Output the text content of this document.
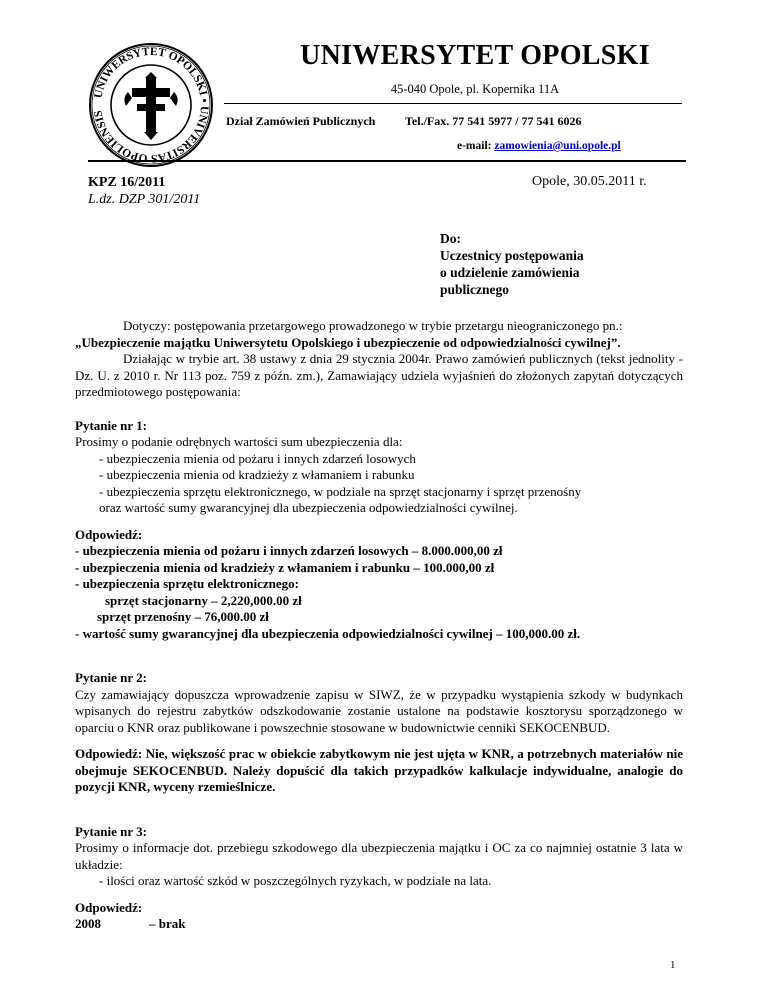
UNIWERSYTET OPOLSKI • UNIVERSITAS OPOLIENSIS
UNIWERSYTET OPOLSKI
45-040 Opole, pl. Kopernika 11A
Dział Zamówień Publicznych Tel./Fax. 77 541 5977 / 77 541 6026
e-mail: zamowienia@uni.opole.pl
KPZ 16/2011
L.dz. DZP 301/2011
Opole, 30.05.2011 r.
Do:
Uczestnicy postępowania
o udzielenie zamówienia
publicznego

Dotyczy: postępowania przetargowego prowadzonego w trybie przetargu nieograniczonego pn.:

„Ubezpieczenie majątku Uniwersytetu Opolskiego i ubezpieczenie od odpowiedzialności cywilnej”.

Działając w trybie art. 38 ustawy z dnia 29 stycznia 2004r. Prawo zamówień publicznych (tekst jednolity - Dz. U. z 2010 r. Nr 113 poz. 759 z późn. zm.), Zamawiający udziela wyjaśnień do złożonych zapytań dotyczących przedmiotowego postępowania:

Pytanie nr 1:

Prosimy o podanie odrębnych wartości sum ubezpieczenia dla:

- ubezpieczenia mienia od pożaru i innych zdarzeń losowych

- ubezpieczenia mienia od kradzieży z włamaniem i rabunku

- ubezpieczenia sprzętu elektronicznego, w podziale na sprzęt stacjonarny i sprzęt przenośny

oraz wartość sumy gwarancyjnej dla ubezpieczenia odpowiedzialności cywilnej.

Odpowiedź:

- ubezpieczenia mienia od pożaru i innych zdarzeń losowych – 8.000.000,00 zł

- ubezpieczenia mienia od kradzieży z włamaniem i rabunku – 100.000,00 zł

- ubezpieczenia sprzętu elektronicznego:

sprzęt stacjonarny – 2,220,000.00 zł

sprzęt przenośny – 76,000.00 zł

- wartość sumy gwarancyjnej dla ubezpieczenia odpowiedzialności cywilnej – 100,000.00 zł.

Pytanie nr 2:

Czy zamawiający dopuszcza wprowadzenie zapisu w SIWZ, że w przypadku wystąpienia szkody w budynkach wpisanych do rejestru zabytków odszkodowanie zostanie ustalone na podstawie kosztorysu sporządzonego w oparciu o KNR oraz publikowane i powszechnie stosowane w budownictwie cenniki SEKOCENBUD.

Odpowiedź: Nie, większość prac w obiekcie zabytkowym nie jest ujęta w KNR, a potrzebnych materiałów nie obejmuje SEKOCENBUD. Należy dopuścić dla takich przypadków kalkulacje indywidualne, analogie do pozycji KNR, wyceny rzemieślnicze.

Pytanie nr 3:

Prosimy o informacje dot. przebiegu szkodowego dla ubezpieczenia majątku i OC za co najmniej ostatnie 3 lata w układzie:

- ilości oraz wartość szkód w poszczególnych ryzykach, w podziale na lata.

Odpowiedź:

2008	– brak

1
